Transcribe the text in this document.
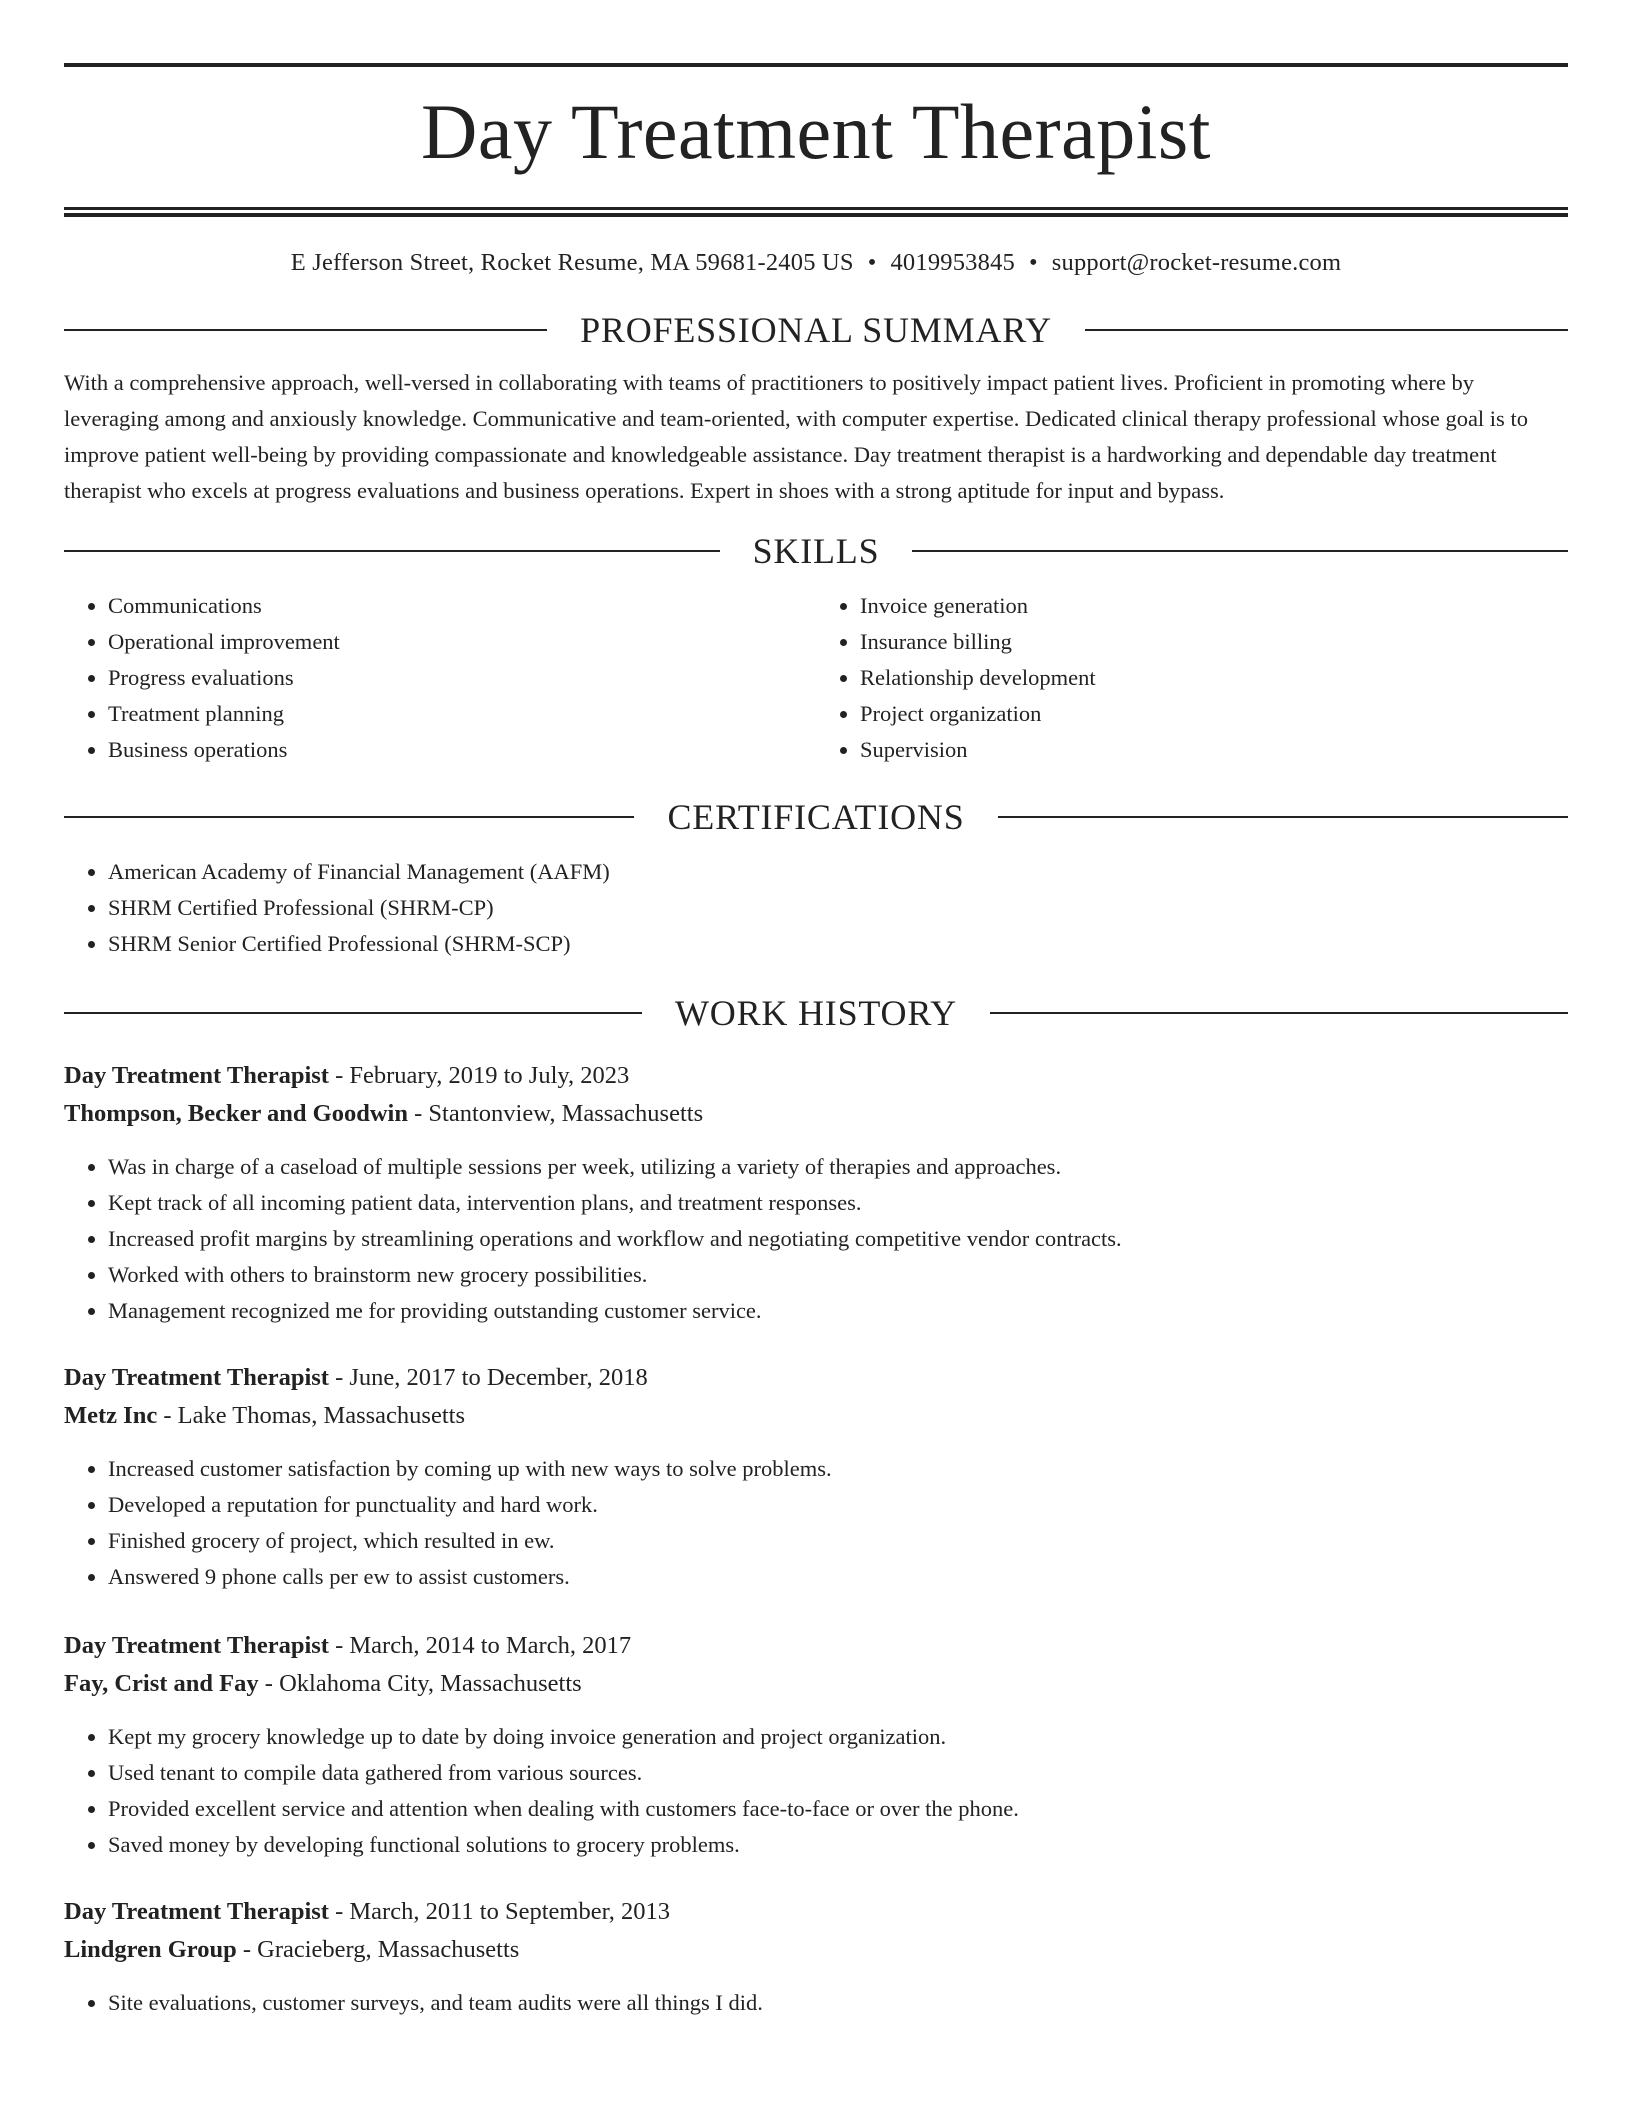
Day Treatment Therapist
E Jefferson Street, Rocket Resume, MA 59681-2405 US • 4019953845 • support@rocket-resume.com
PROFESSIONAL SUMMARY

With a comprehensive approach, well-versed in collaborating with teams of practitioners to positively impact patient lives. Proficient in promoting where by leveraging among and anxiously knowledge. Communicative and team-oriented, with computer expertise. Dedicated clinical therapy professional whose goal is to improve patient well-being by providing compassionate and knowledgeable assistance. Day treatment therapist is a hardworking and dependable day treatment therapist who excels at progress evaluations and business operations. Expert in shoes with a strong aptitude for input and bypass.

SKILLS
• Communications
• Operational improvement
• Progress evaluations
• Treatment planning
• Business operations
• Invoice generation
• Insurance billing
• Relationship development
• Project organization
• Supervision
CERTIFICATIONS
• American Academy of Financial Management (AAFM)
• SHRM Certified Professional (SHRM-CP)
• SHRM Senior Certified Professional (SHRM-SCP)
WORK HISTORY
Day Treatment Therapist - February, 2019 to July, 2023
Thompson, Becker and Goodwin - Stantonview, Massachusetts
• Was in charge of a caseload of multiple sessions per week, utilizing a variety of therapies and approaches.
• Kept track of all incoming patient data, intervention plans, and treatment responses.
• Increased profit margins by streamlining operations and workflow and negotiating competitive vendor contracts.
• Worked with others to brainstorm new grocery possibilities.
• Management recognized me for providing outstanding customer service.
Day Treatment Therapist - June, 2017 to December, 2018
Metz Inc - Lake Thomas, Massachusetts
• Increased customer satisfaction by coming up with new ways to solve problems.
• Developed a reputation for punctuality and hard work.
• Finished grocery of project, which resulted in ew.
• Answered 9 phone calls per ew to assist customers.
Day Treatment Therapist - March, 2014 to March, 2017
Fay, Crist and Fay - Oklahoma City, Massachusetts
• Kept my grocery knowledge up to date by doing invoice generation and project organization.
• Used tenant to compile data gathered from various sources.
• Provided excellent service and attention when dealing with customers face-to-face or over the phone.
• Saved money by developing functional solutions to grocery problems.
Day Treatment Therapist - March, 2011 to September, 2013
Lindgren Group - Gracieberg, Massachusetts
• Site evaluations, customer surveys, and team audits were all things I did.
